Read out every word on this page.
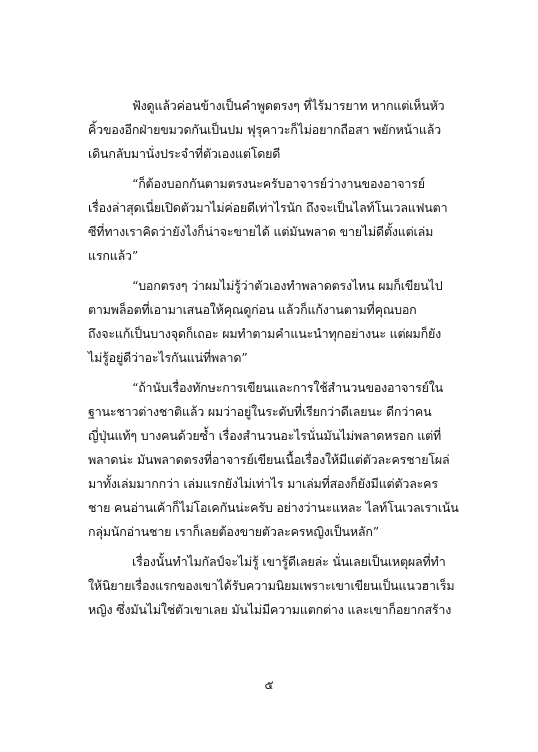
ฟังดูแล้วค่อนข้างเป็นคำพูดตรงๆ ที่ไร้มารยาท หากแต่เห็นหัว
คิ้วของอีกฝ่ายขมวดกันเป็นปม ฟุรุคาวะก็ไม่อยากถือสา พยักหน้าแล้ว
เดินกลับมานั่งประจำที่ตัวเองแต่โดยดี
“ก็ต้องบอกกันตามตรงนะครับอาจารย์ว่างานของอาจารย์
เรื่องล่าสุดเนี่ยเปิดตัวมาไม่ค่อยดีเท่าไรนัก ถึงจะเป็นไลท์โนเวลแฟนตา
ซีที่ทางเราคิดว่ายังไงก็น่าจะขายได้ แต่มันพลาด ขายไม่ดีตั้งแต่เล่ม
แรกแล้ว”
“บอกตรงๆ ว่าผมไม่รู้ว่าตัวเองทำพลาดตรงไหน ผมก็เขียนไป
ตามพล็อตที่เอามาเสนอให้คุณดูก่อน แล้วก็แก้งานตามที่คุณบอก
ถึงจะแก้เป็นบางจุดก็เถอะ ผมทำตามคำแนะนำทุกอย่างนะ แต่ผมก็ยัง
ไม่รู้อยู่ดีว่าอะไรกันแน่ที่พลาด”
“ถ้านับเรื่องทักษะการเขียนและการใช้สำนวนของอาจารย์ใน
ฐานะชาวต่างชาติแล้ว ผมว่าอยู่ในระดับที่เรียกว่าดีเลยนะ ดีกว่าคน
ญี่ปุ่นแท้ๆ บางคนด้วยซ้ำ เรื่องสำนวนอะไรนั่นมันไม่พลาดหรอก แต่ที่
พลาดน่ะ มันพลาดตรงที่อาจารย์เขียนเนื้อเรื่องให้มีแต่ตัวละครชายโผล่
มาทั้งเล่มมากกว่า เล่มแรกยังไม่เท่าไร มาเล่มที่สองก็ยังมีแต่ตัวละคร
ชาย คนอ่านเค้าก็ไม่โอเคกันน่ะครับ อย่างว่านะแหละ ไลท์โนเวลเราเน้น
กลุ่มนักอ่านชาย เราก็เลยต้องขายตัวละครหญิงเป็นหลัก”
เรื่องนั้นทำไมกัลป์จะไม่รู้ เขารู้ดีเลยล่ะ นั่นเลยเป็นเหตุผลที่ทำ
ให้นิยายเรื่องแรกของเขาได้รับความนิยมเพราะเขาเขียนเป็นแนวฮาเร็ม
หญิง ซึ่งมันไม่ใช่ตัวเขาเลย มันไม่มีความแตกต่าง และเขาก็อยากสร้าง
๕
